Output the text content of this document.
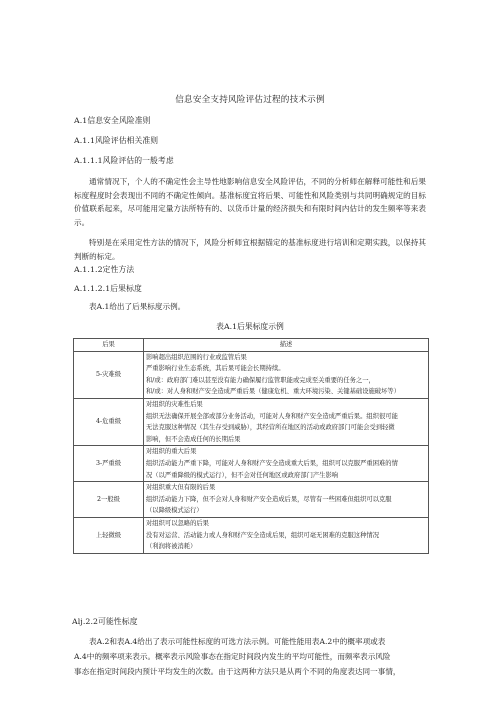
信息安全支持风险评估过程的技术示例
A.1信息安全风险准则
A.1.1风险评估相关准则
A.1.1.1风险评估的一般考虑
通常情况下，个人的不确定性会主导性地影响信息安全风险评估，不同的分析师在解释可能性和后果标度程度时会表现出不同的不确定性倾向。基准标度宜将后果、可能性和风险类别与共同明确规定的目标价值联系起来，尽可能用定量方法所特有的、以货币计量的经济损失和有限时间内估计的发生频率等来表示。
特别是在采用定性方法的情况下，风险分析师宜根据锚定的基准标度进行培训和定期实践，以保持其判断的标定。
A.1.1.2定性方法
A.1.1.2.1后果标度
表A.1给出了后果标度示例。
表A.1后果标度示例
后果	描述
5-灾难级	影响超出组织范围的行业或监管后果
严重影响行业生态系统，其后果可能会长期持续。
和/或：政府部门难以甚至没有能力确保履行监管职能或完成至关重要的任务之一，
和/或：对人身和财产安全造成严重后果（健康危机、重大环境污染、关键基础设施破坏等）

4-危重级	对组织的灾难性后果
组织无法确保开展全部或部分业务活动，可能对人身和财产安全造成严重后果。组织很可能
无法克服这种情况（其生存受到威胁），其经营所在地区的活动或政府部门可能会受到轻微
影响，但不会造成任何的长期后果

3-严重级	对组织的重大后果
组织活动能力严重下降，可能对人身和财产安全造成重大后果，组织可以克服严重困难的情
况（以严重降级的模式运行），但不会对任何地区或政府部门产生影响

2一般级	对组织重大但有限的后果
组织活动能力下降，但不会对人身和财产安全造成后果，尽管有一些困难但组织可以克服
（以降级模式运行）

上轻微级	对组织可以忽略的后果
没有对运营、活动能力或人身和财产安全造成后果，组织可毫无困难的克服这种情况
（利润将被消耗）
Alj.2.2可能性标度
表A.2和表A.4给出了表示可能性标度的可选方法示例。可能性能用表A.2中的概率项或表
A.4中的频率项来表示。概率表示风险事态在指定时间段内发生的平均可能性，而频率表示风险
事态在指定时间段内预计平均发生的次数。由于这两种方法只是从两个不同的角度表达同一事情，
